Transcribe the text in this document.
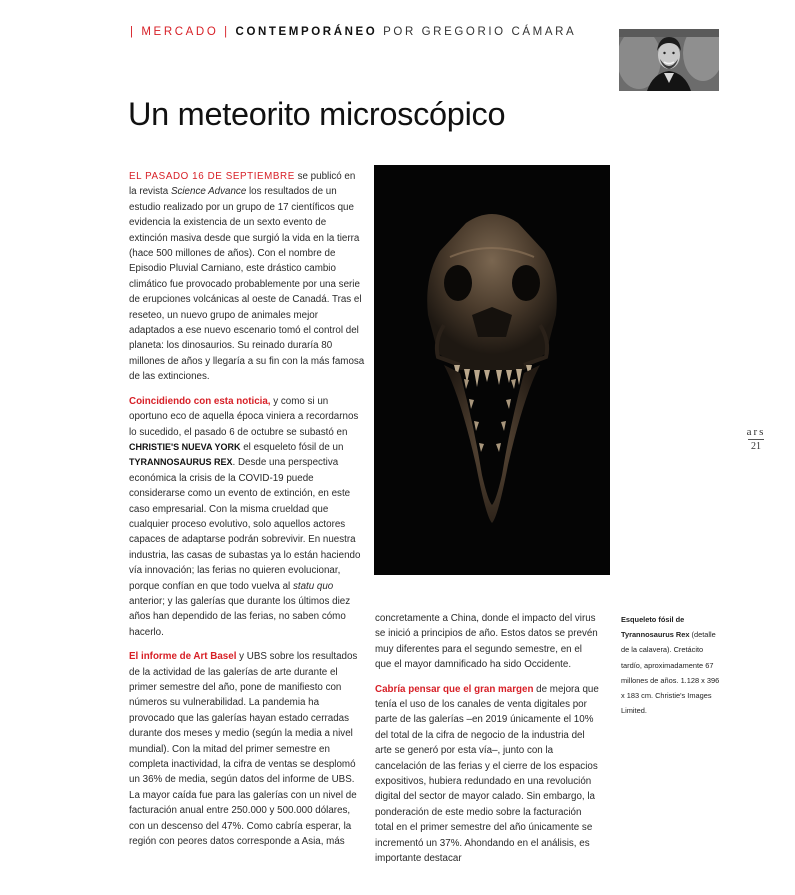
| MERCADO | CONTEMPORÁNEO POR GREGORIO CÁMARA
Un meteorito microscópico

EL PASADO 16 DE SEPTIEMBRE se publicó en la revista Science Advance los resultados de un estudio realizado por un grupo de 17 científicos que evidencia la existencia de un sexto evento de extinción masiva desde que surgió la vida en la tierra (hace 500 millones de años). Con el nombre de Episodio Pluvial Carniano, este drástico cambio climático fue provocado probablemente por una serie de erupciones volcánicas al oeste de Canadá. Tras el reseteo, un nuevo grupo de animales mejor adaptados a ese nuevo escenario tomó el control del planeta: los dinosaurios. Su reinado duraría 80 millones de años y llegaría a su fin con la más famosa de las extinciones.

Coincidiendo con esta noticia, y como si un oportuno eco de aquella época viniera a recordarnos lo sucedido, el pasado 6 de octubre se subastó en CHRISTIE'S NUEVA YORK el esqueleto fósil de un TYRANNOSAURUS REX. Desde una perspectiva económica la crisis de la COVID-19 puede considerarse como un evento de extinción, en este caso empresarial. Con la misma crueldad que cualquier proceso evolutivo, solo aquellos actores capaces de adaptarse podrán sobrevivir. En nuestra industria, las casas de subastas ya lo están haciendo vía innovación; las ferias no quieren evolucionar, porque confían en que todo vuelva al statu quo anterior; y las galerías que durante los últimos diez años han dependido de las ferias, no saben cómo hacerlo.

El informe de Art Basel y UBS sobre los resultados de la actividad de las galerías de arte durante el primer semestre del año, pone de manifiesto con números su vulnerabilidad. La pandemia ha provocado que las galerías hayan estado cerradas durante dos meses y medio (según la media a nivel mundial). Con la mitad del primer semestre en completa inactividad, la cifra de ventas se desplomó un 36% de media, según datos del informe de UBS. La mayor caída fue para las galerías con un nivel de facturación anual entre 250.000 y 500.000 dólares, con un descenso del 47%. Como cabría esperar, la región con peores datos corresponde a Asia, más

concretamente a China, donde el impacto del virus se inició a principios de año. Estos datos se prevén muy diferentes para el segundo semestre, en el que el mayor damnificado ha sido Occidente.

Cabría pensar que el gran margen de mejora que tenía el uso de los canales de venta digitales por parte de las galerías –en 2019 únicamente el 10% del total de la cifra de negocio de la industria del arte se generó por esta vía–, junto con la cancelación de las ferias y el cierre de los espacios expositivos, hubiera redundado en una revolución digital del sector de mayor calado. Sin embargo, la ponderación de este medio sobre la facturación total en el primer semestre del año únicamente se incrementó un 37%. Ahondando en el análisis, es importante destacar

Esqueleto fósil de Tyrannosaurus Rex (detalle de la calavera). Cretácito tardío, aproximadamente 67 millones de años. 1.128 x 396 x 183 cm. Christie's Images Limited.
ars
21
